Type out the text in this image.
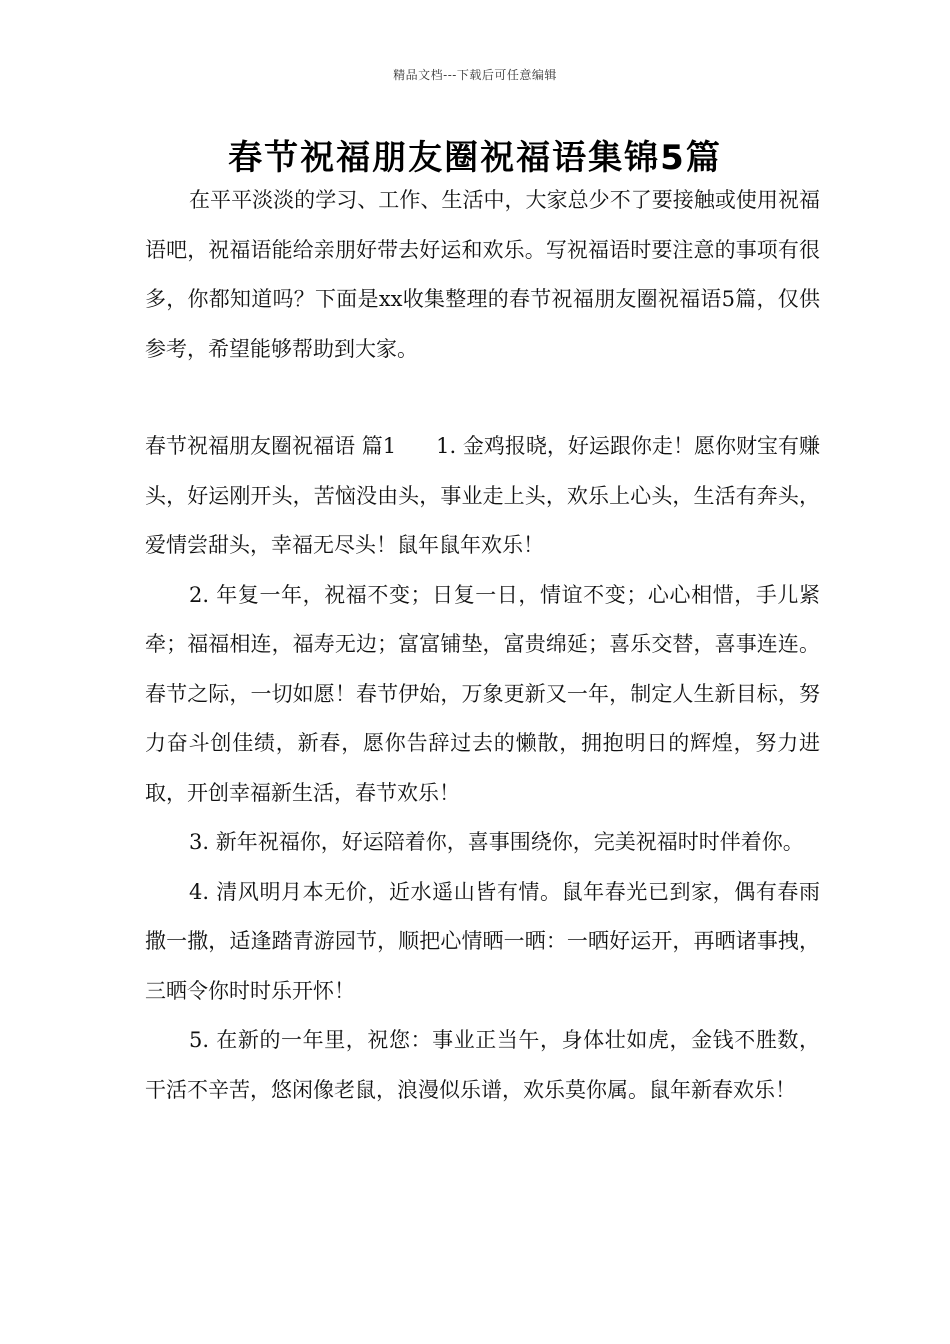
精品文档---下载后可任意编辑
春节祝福朋友圈祝福语集锦5篇

在平平淡淡的学习、工作、生活中，大家总少不了要接触或使用祝福语吧，祝福语能给亲朋好带去好运和欢乐。写祝福语时要注意的事项有很多，你都知道吗？下面是xx收集整理的春节祝福朋友圈祝福语5篇，仅供参考，希望能够帮助到大家。

春节祝福朋友圈祝福语 篇1 1. 金鸡报晓，好运跟你走！愿你财宝有赚头，好运刚开头，苦恼没由头，事业走上头，欢乐上心头，生活有奔头，爱情尝甜头，幸福无尽头！鼠年鼠年欢乐！

2. 年复一年，祝福不变；日复一日，情谊不变；心心相惜，手儿紧牵；福福相连，福寿无边；富富铺垫，富贵绵延；喜乐交替，喜事连连。春节之际，一切如愿！春节伊始，万象更新又一年，制定人生新目标，努力奋斗创佳绩，新春，愿你告辞过去的懒散，拥抱明日的辉煌，努力进取，开创幸福新生活，春节欢乐！

3. 新年祝福你，好运陪着你，喜事围绕你，完美祝福时时伴着你。

4. 清风明月本无价，近水遥山皆有情。鼠年春光已到家，偶有春雨撒一撒，适逢踏青游园节，顺把心情晒一晒：一晒好运开，再晒诸事拽，三晒令你时时乐开怀！

5. 在新的一年里，祝您：事业正当午，身体壮如虎，金钱不胜数，干活不辛苦，悠闲像老鼠，浪漫似乐谱，欢乐莫你属。鼠年新春欢乐！
